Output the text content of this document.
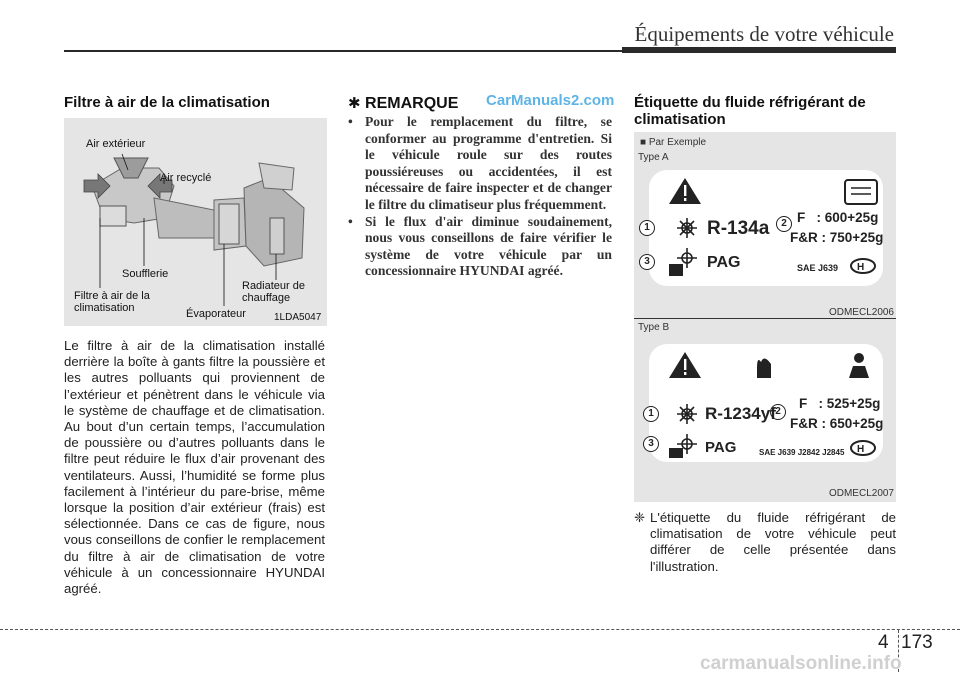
Équipements de votre véhicule
Filtre à air de la climatisation
Air extérieur
Air recyclé
Soufflerie
Filtre à air de la climatisation	Évaporateur
Radiateur de chauffage
1LDA5047
Le filtre à air de la climatisation installé derrière la boîte à gants filtre la poussière et les autres polluants qui proviennent de l’extérieur et pénètrent dans le véhicule via le système de chauffage et de climatisation. Au bout d’un certain temps, l’accumulation de poussière ou d’autres polluants dans le filtre peut réduire le flux d’air provenant des ventilateurs. Aussi, l’humidité se forme plus facilement à l’intérieur du pare-brise, même lorsque la position d’air extérieur (frais) est sélectionnée. Dans ce cas de figure, nous vous conseillons de confier le remplacement du filtre à air de climatisation de votre véhicule à un concessionnaire HYUNDAI agréé.
✱ REMARQUE CarManuals2.com
• Pour le remplacement du filtre, se conformer au programme d'entretien. Si le véhicule roule sur des routes poussiéreuses ou accidentées, il est nécessaire de faire inspecter et de changer le filtre du climatiseur plus fréquemment.
• Si le flux d'air diminue soudainement, nous vous conseillons de faire vérifier le système de votre véhicule par un concessionnaire HYUNDAI agréé.
Étiquette du fluide réfrigérant de climatisation
■ Par Exemple
Type A
H
1
3
2
R-134a
PAG
F   : 600+25g
F&R : 750+25g
SAE J639
ODMECL2006
Type B
H
1
3
2
R-1234yf
PAG
F   : 525+25g
F&R : 650+25g
SAE J639 J2842 J2845
ODMECL2007
❈ L'étiquette du fluide réfrigérant de climatisation de votre véhicule peut différer de celle présentée dans l'illustration.
4 173
carmanualsonline.info
